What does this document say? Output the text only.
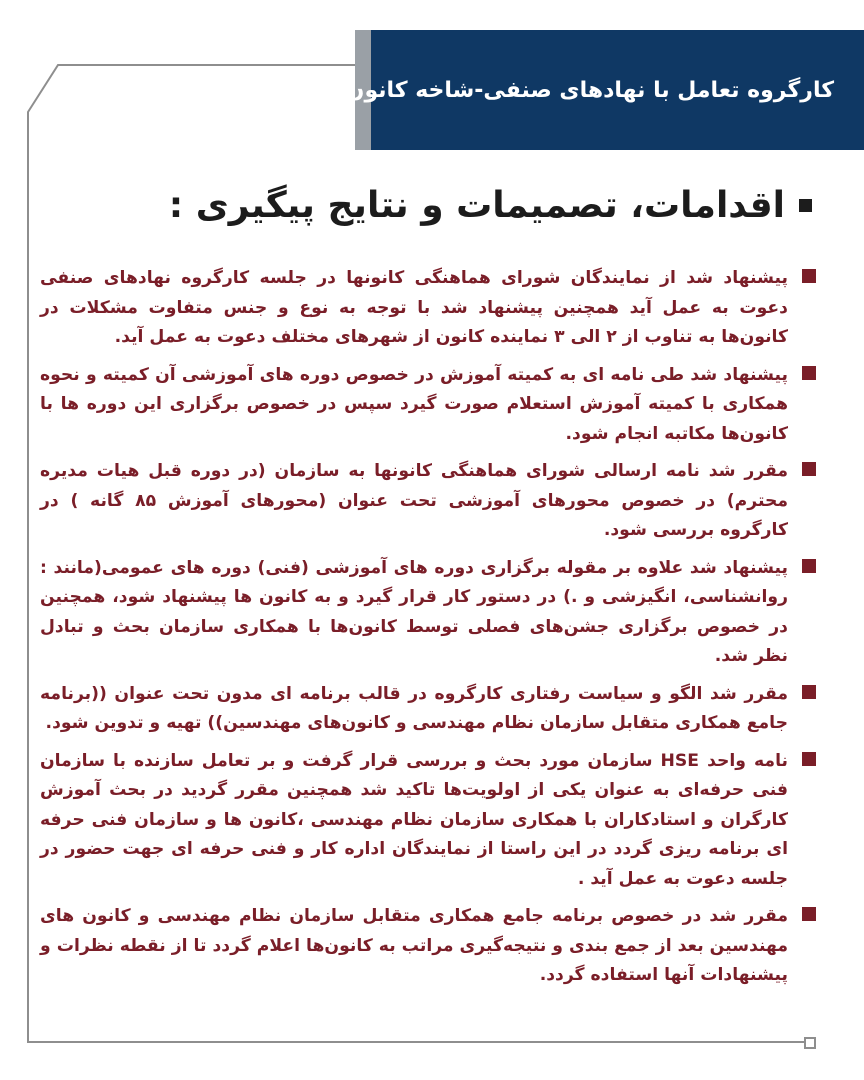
کارگروه تعامل با نهادهای صنفی-شاخه کانون ها و سمن ها
اقدامات، تصمیمات و نتایج پیگیری :
پیشنهاد شد از نمایندگان شورای هماهنگی کانونها در جلسه کارگروه نهادهای صنفی دعوت به عمل آید همچنین پیشنهاد شد با توجه به نوع و جنس متفاوت مشکلات در کانون‌ها به تناوب از ۲ الی ۳ نماینده کانون از شهرهای مختلف دعوت به عمل آید.
پیشنهاد شد طی نامه ای به کمیته آموزش در خصوص دوره های آموزشی آن کمیته و نحوه همکاری با کمیته آموزش استعلام صورت گیرد سپس در خصوص برگزاری این دوره ها با کانون‌ها مکاتبه انجام شود.
مقرر شد نامه ارسالی شورای هماهنگی کانونها به سازمان (در دوره قبل هیات مدیره محترم) در خصوص محورهای آموزشی تحت عنوان (محورهای آموزش ۸۵ گانه ) در کارگروه بررسی شود.
پیشنهاد شد علاوه بر مقوله برگزاری دوره های آموزشی (فنی) دوره های عمومی(مانند : روانشناسی، انگیزشی و .) در دستور کار قرار گیرد و به کانون ها پیشنهاد شود، همچنین در خصوص برگزاری جشن‌های فصلی توسط کانون‌ها با همکاری سازمان بحث و تبادل نظر شد.
مقرر شد الگو و سیاست رفتاری کارگروه در قالب برنامه ای مدون تحت عنوان ((برنامه جامع همکاری متقابل سازمان نظام مهندسی و کانون‌های مهندسین)) تهیه و تدوین شود.
نامه واحد HSE سازمان مورد بحث و بررسی قرار گرفت و بر تعامل سازنده با سازمان فنی حرفه‌ای به عنوان یکی از اولویت‌ها تاکید شد همچنین مقرر گردید در بحث آموزش کارگران و استادکاران با همکاری سازمان نظام مهندسی ،کانون ها و سازمان فنی حرفه ای برنامه ریزی گردد در این راستا از نمایندگان اداره کار و فنی حرفه ای جهت حضور در جلسه دعوت به عمل آید .
مقرر شد در خصوص برنامه جامع همکاری متقابل سازمان نظام مهندسی و کانون های مهندسین بعد از جمع بندی و نتیجه‌گیری مراتب به کانون‌ها اعلام گردد تا از نقطه نظرات و پیشنهادات آنها استفاده گردد.
